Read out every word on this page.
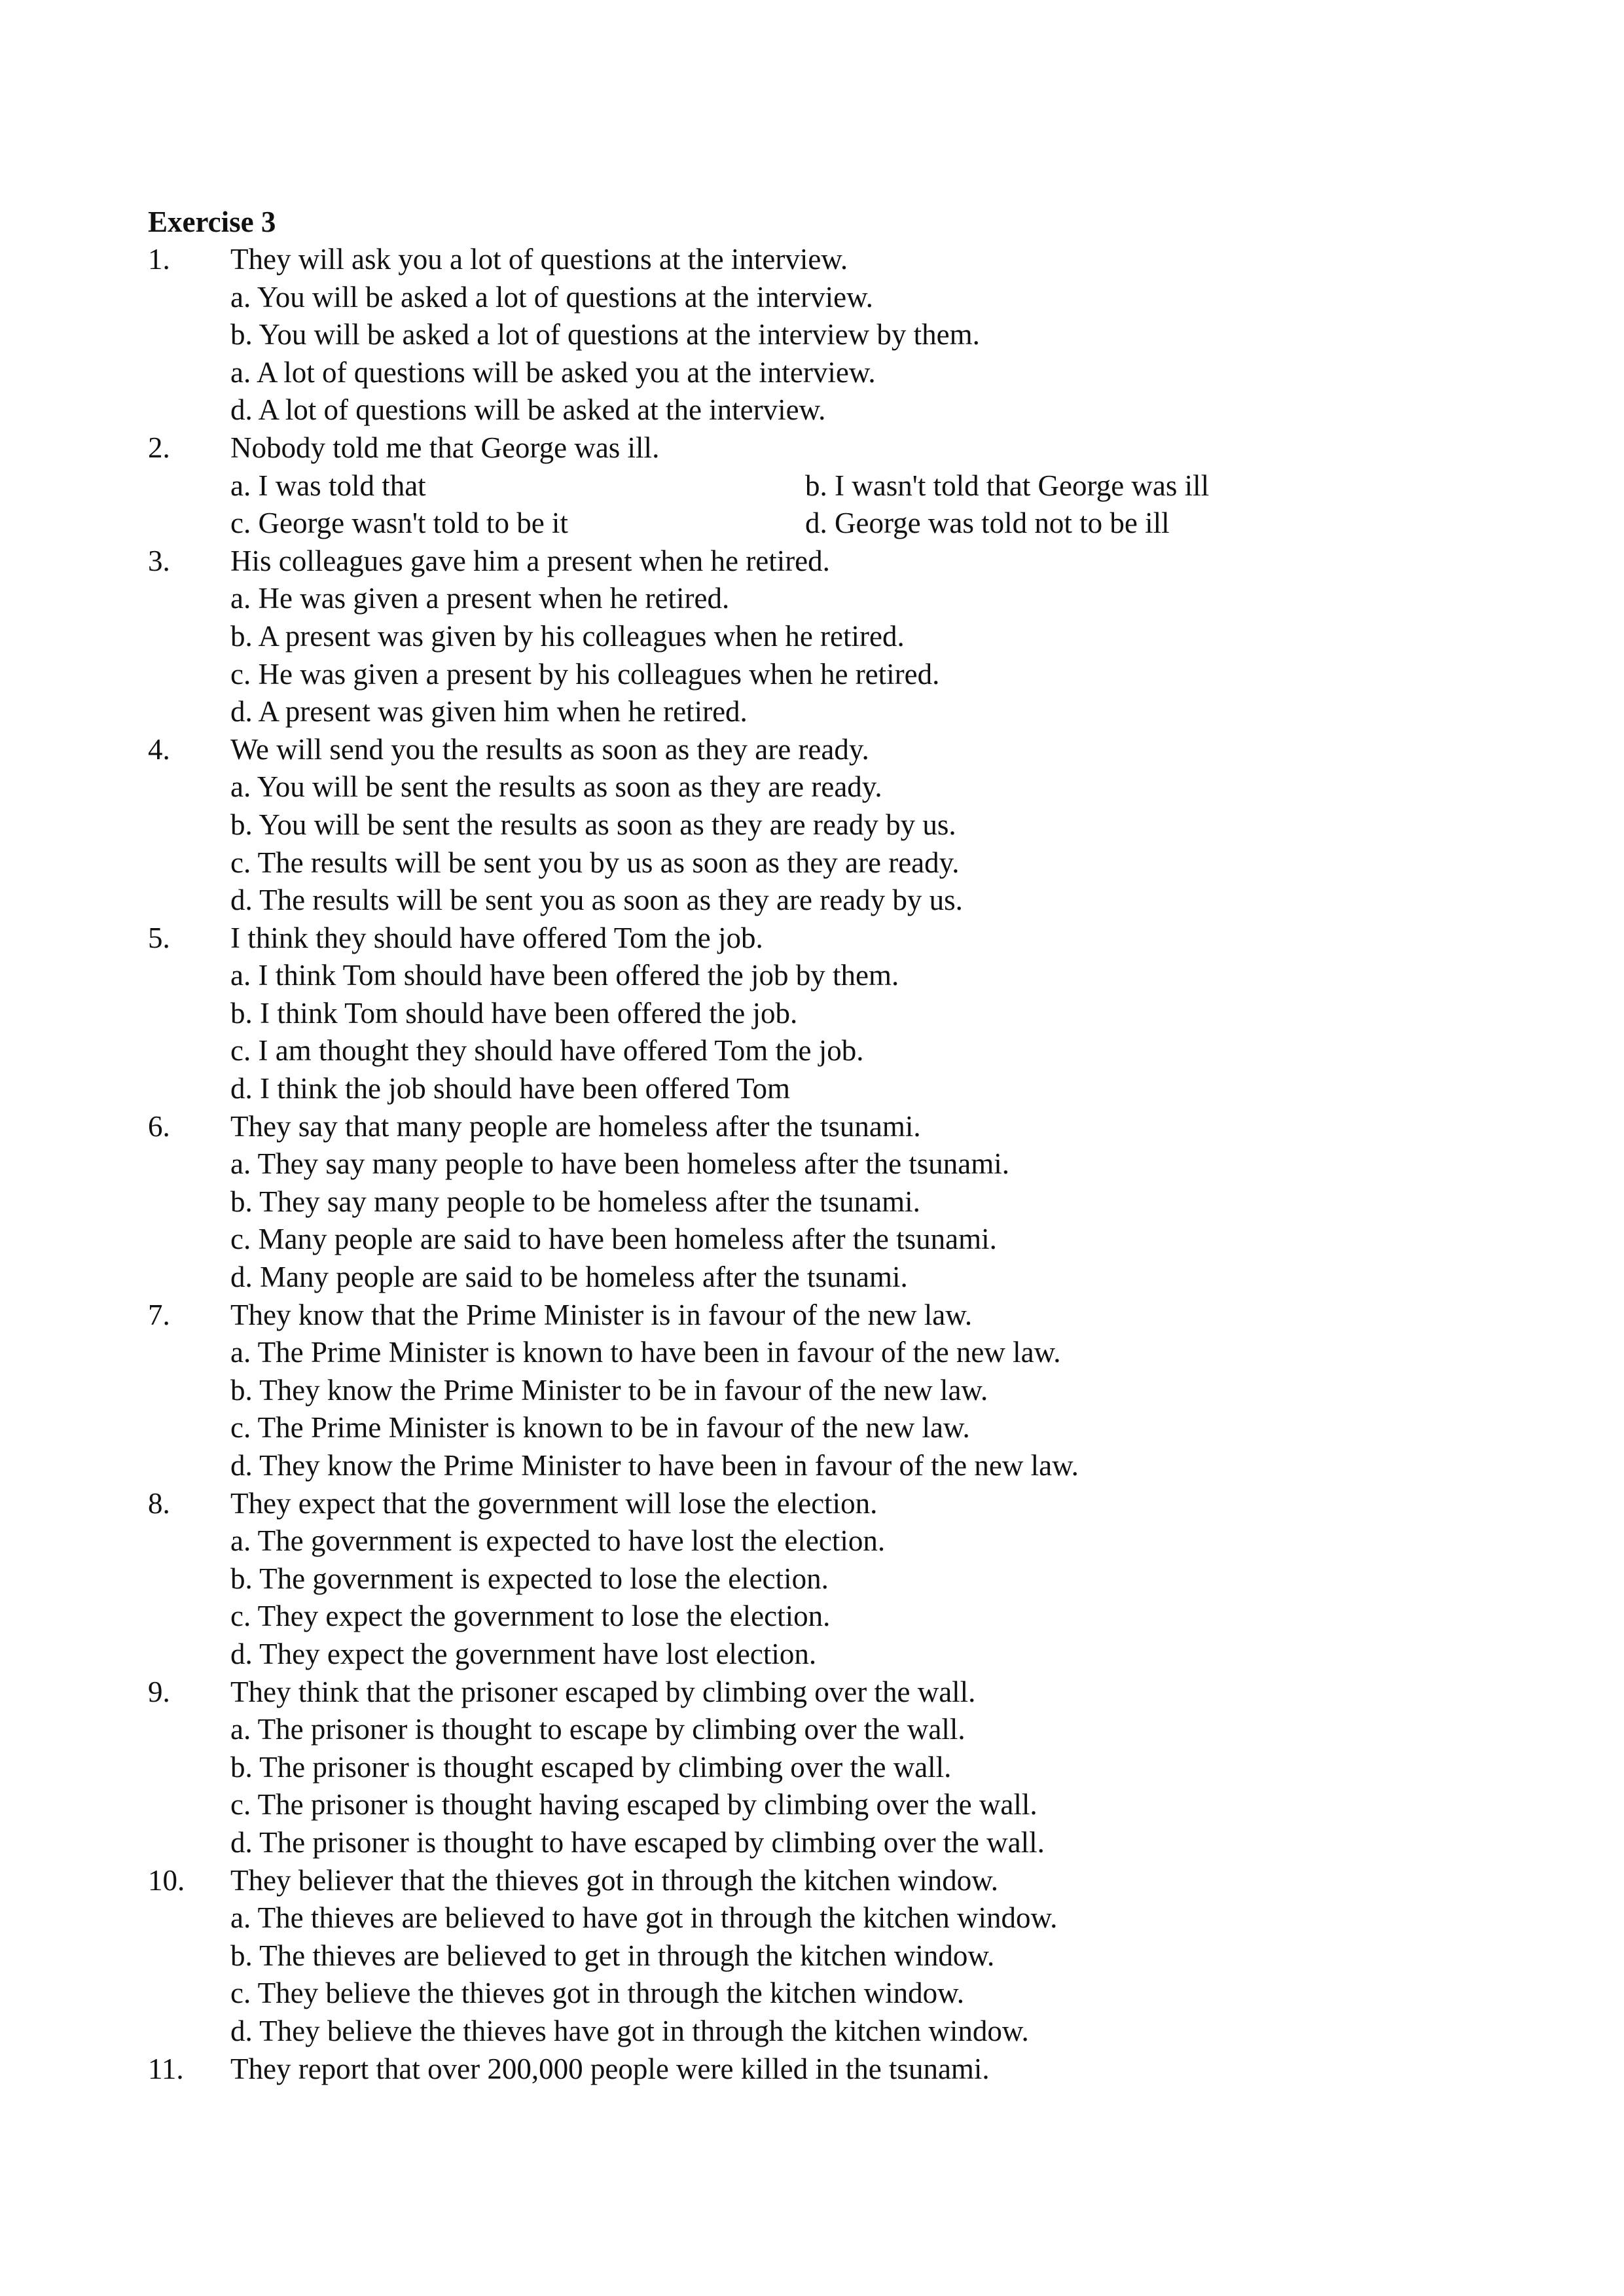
Exercise 3
1. They will ask you a lot of questions at the interview.
a. You will be asked a lot of questions at the interview.
b. You will be asked a lot of questions at the interview by them.
a. A lot of questions will be asked you at the interview.
d. A lot of questions will be asked at the interview.
2. Nobody told me that George was ill.
a. I was told that	b. I wasn't told that George was ill
c. George wasn't told to be it	d. George was told not to be ill
3. His colleagues gave him a present when he retired.
a. He was given a present when he retired.
b. A present was given by his colleagues when he retired.
c. He was given a present by his colleagues when he retired.
d. A present was given him when he retired.
4. We will send you the results as soon as they are ready.
a. You will be sent the results as soon as they are ready.
b. You will be sent the results as soon as they are ready by us.
c. The results will be sent you by us as soon as they are ready.
d. The results will be sent you as soon as they are ready by us.
5. I think they should have offered Tom the job.
a. I think Tom should have been offered the job by them.
b. I think Tom should have been offered the job.
c. I am thought they should have offered Tom the job.
d. I think the job should have been offered Tom
6. They say that many people are homeless after the tsunami.
a. They say many people to have been homeless after the tsunami.
b. They say many people to be homeless after the tsunami.
c. Many people are said to have been homeless after the tsunami.
d. Many people are said to be homeless after the tsunami.
7. They know that the Prime Minister is in favour of the new law.
a. The Prime Minister is known to have been in favour of the new law.
b. They know the Prime Minister to be in favour of the new law.
c. The Prime Minister is known to be in favour of the new law.
d. They know the Prime Minister to have been in favour of the new law.
8. They expect that the government will lose the election.
a. The government is expected to have lost the election.
b. The government is expected to lose the election.
c. They expect the government to lose the election.
d. They expect the government have lost election.
9. They think that the prisoner escaped by climbing over the wall.
a. The prisoner is thought to escape by climbing over the wall.
b. The prisoner is thought escaped by climbing over the wall.
c. The prisoner is thought having escaped by climbing over the wall.
d. The prisoner is thought to have escaped by climbing over the wall.
10. They believer that the thieves got in through the kitchen window.
a. The thieves are believed to have got in through the kitchen window.
b. The thieves are believed to get in through the kitchen window.
c. They believe the thieves got in through the kitchen window.
d. They believe the thieves have got in through the kitchen window.
11. They report that over 200,000 people were killed in the tsunami.
